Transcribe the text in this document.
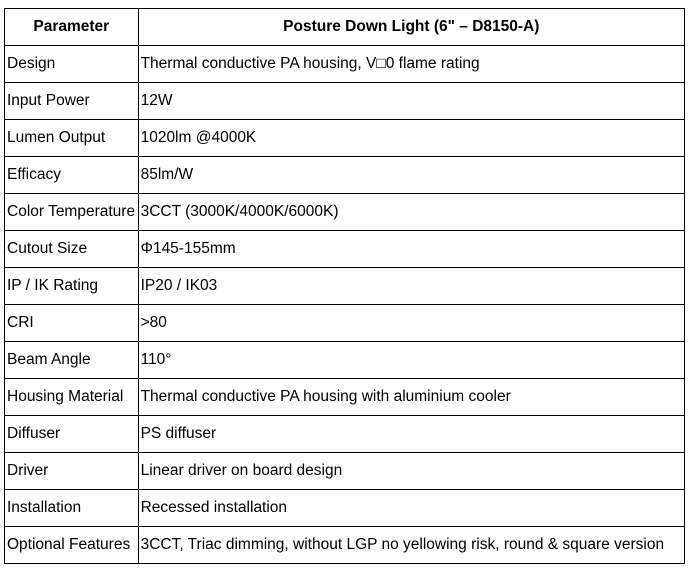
Parameter	Posture Down Light (6" – D8150-A)
Design	Thermal conductive PA housing, V□0 flame rating
Input Power	12W
Lumen Output	1020lm @4000K
Efficacy	85lm/W
Color Temperature	3CCT (3000K/4000K/6000K)
Cutout Size	Φ145-155mm
IP / IK Rating	IP20 / IK03
CRI	>80
Beam Angle	110°
Housing Material	Thermal conductive PA housing with aluminium cooler
Diffuser	PS diffuser
Driver	Linear driver on board design
Installation	Recessed installation
Optional Features	3CCT, Triac dimming, without LGP no yellowing risk, round & square version
